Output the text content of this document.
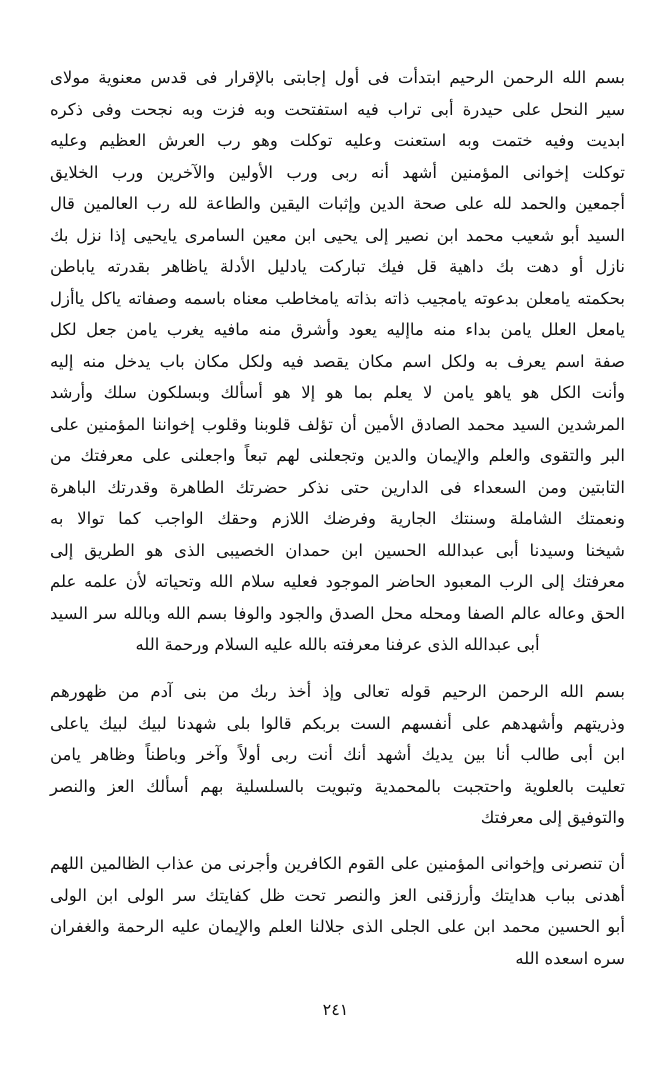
بسم الله الرحمن الرحيم ابتدأت فى أول إجابتى بالإقرار فى قدس معنوية مولاى
سير النحل على حيدرة أبى تراب فيه استفتحت وبه فزت وبه نجحت وفى ذكره
ابديت وفيه ختمت وبه استعنت وعليه توكلت وهو رب العرش العظيم وعليه
توكلت إخوانى المؤمنين أشهد أنه ربى ورب الأولين والآخرين ورب الخلايق
أجمعين والحمد لله على صحة الدين وإثبات اليقين والطاعة لله رب العالمين قال
السيد أبو شعيب محمد ابن نصير إلى يحيى ابن معين السامرى يايحيى إذا نزل بك
نازل أو دهت بك داهية قل فيك تباركت يادليل الأدلة ياظاهر بقدرته ياباطن
بحكمته يامعلن بدعوته يامجيب ذاته بذاته يامخاطب معناه باسمه وصفاته ياكل ياأزل
يامعل العلل يامن بداء منه ماإليه يعود وأشرق منه مافيه يغرب يامن جعل لكل
صفة اسم يعرف به ولكل اسم مكان يقصد فيه ولكل مكان باب يدخل منه إليه
وأنت الكل هو ياهو يامن لا يعلم بما هو إلا هو أسألك وبسلكون سلك وأرشد
المرشدين السيد محمد الصادق الأمين أن تؤلف قلوبنا وقلوب إخواننا المؤمنين على
البر والتقوى والعلم والإيمان والدين وتجعلنى لهم تبعاً واجعلنى على معرفتك من
التابتين ومن السعداء فى الدارين حتى نذكر حضرتك الطاهرة وقدرتك الباهرة
ونعمتك الشاملة وسنتك الجارية وفرضك اللازم وحقك الواجب كما توالا به
شيخنا وسيدنا أبى عبدالله الحسين ابن حمدان الخصيبى الذى هو الطريق إلى
معرفتك إلى الرب المعبود الحاضر الموجود فعليه سلام الله وتحياته لأن علمه علم
الحق وعاله عالم الصفا ومحله محل الصدق والجود والوفا بسم الله وبالله سر السيد
أبى عبدالله الذى عرفنا معرفته بالله عليه السلام ورحمة الله
بسم الله الرحمن الرحيم قوله تعالى وإذ أخذ ربك من بنى آدم من ظهورهم
وذريتهم وأشهدهم على أنفسهم الست بربكم قالوا بلى شهدنا لبيك لبيك ياعلى
ابن أبى طالب أنا بين يديك أشهد أنك أنت ربى أولاً وآخر وباطناً وظاهر يامن
تعليت بالعلوية واحتجبت بالمحمدية وتبويت بالسلسلية بهم أسألك العز والنصر
والتوفيق إلى معرفتك
أن تنصرنى وإخوانى المؤمنين على القوم الكافرين وأجرنى من عذاب الظالمين اللهم
أهدنى بباب هدايتك وأرزقنى العز والنصر تحت ظل كفايتك سر الولى ابن الولى
أبو الحسين محمد ابن على الجلى الذى جلالنا العلم والإيمان عليه الرحمة والغفران
سره اسعده الله
٢٤١
